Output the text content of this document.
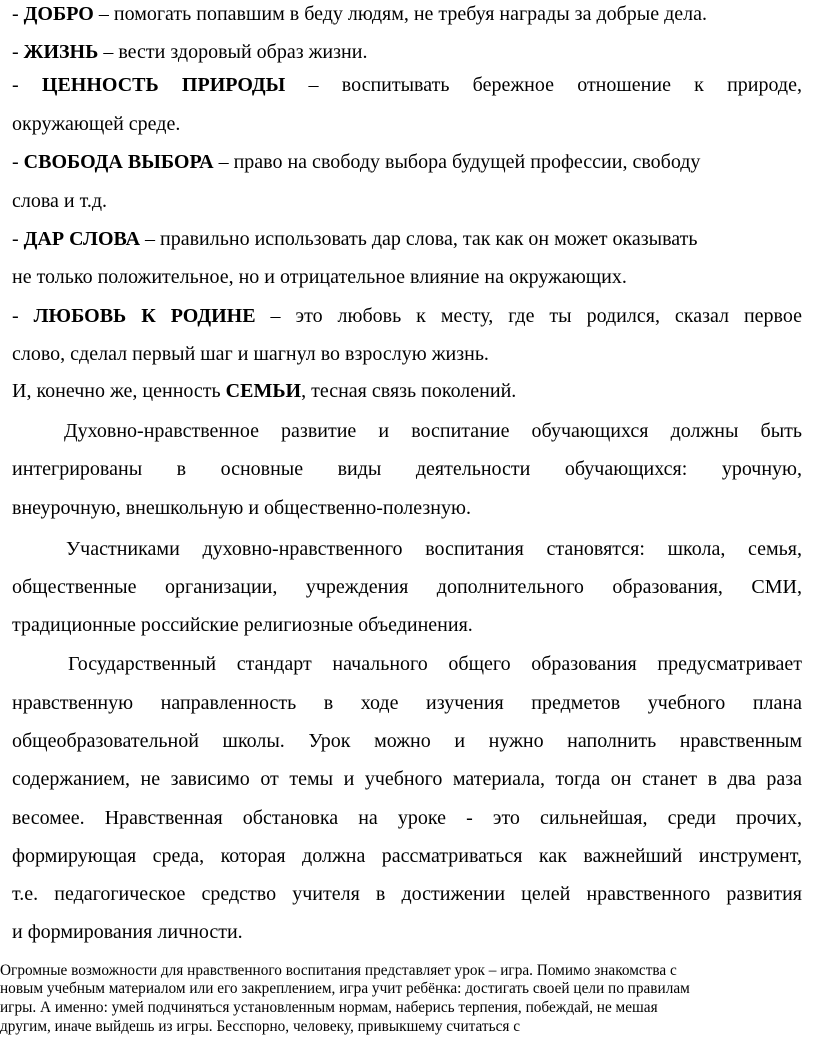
- ДОБРО – помогать попавшим в беду людям, не требуя награды за добрые дела.
- ЖИЗНЬ – вести здоровый образ жизни.
- ЦЕННОСТЬ ПРИРОДЫ – воспитывать бережное отношение к природе,
окружающей среде.
- СВОБОДА ВЫБОРА – право на свободу выбора будущей профессии, свободу
слова и т.д.
- ДАР СЛОВА – правильно использовать дар слова, так как он может оказывать
не только положительное, но и отрицательное влияние на окружающих.
- ЛЮБОВЬ К РОДИНЕ – это любовь к месту, где ты родился, сказал первое
слово, сделал первый шаг и шагнул во взрослую жизнь.
И, конечно же, ценность СЕМЬИ, тесная связь поколений.
Духовно-нравственное развитие и воспитание обучающихся должны быть
интегрированы в основные виды деятельности обучающихся: урочную,
внеурочную, внешкольную и общественно-полезную.
Участниками духовно-нравственного воспитания становятся: школа, семья,
общественные организации, учреждения дополнительного образования, СМИ,
традиционные российские религиозные объединения.
Государственный стандарт начального общего образования предусматривает
нравственную направленность в ходе изучения предметов учебного плана
общеобразовательной школы. Урок можно и нужно наполнить нравственным
содержанием, не зависимо от темы и учебного материала, тогда он станет в два раза
весомее. Нравственная обстановка на уроке - это сильнейшая, среди прочих,
формирующая среда, которая должна рассматриваться как важнейший инструмент,
т.е. педагогическое средство учителя в достижении целей нравственного развития
и формирования личности.
Огромные возможности для нравственного воспитания представляет урок – игра. Помимо знакомства с
новым учебным материалом или его закреплением, игра учит ребёнка: достигать своей цели по правилам
игры. А именно: умей подчиняться установленным нормам, наберись терпения, побеждай, не мешая
другим, иначе выйдешь из игры. Бесспорно, человеку, привыкшему считаться с
